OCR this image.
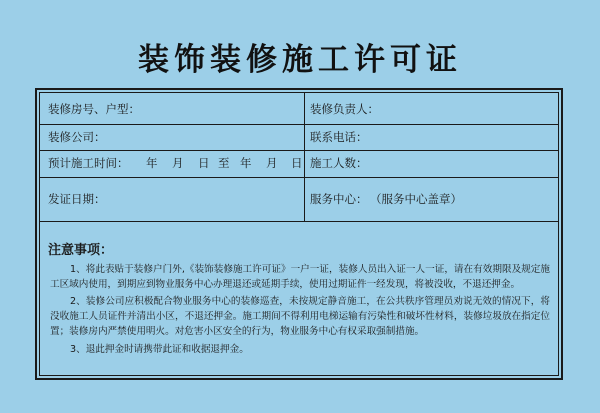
装饰装修施工许可证
装修房号、户型：	装修负责人：
装修公司：	联系电话：
预计施工时间： 年 月 日 至 年 月 日 施工人数：
发证日期：	服务中心： （服务中心盖章）
注意事项：
1、将此表贴于装修户门外,《装饰装修施工许可证》一户一证，装修人员出入证一人一证，请在有效期限及规定施工区域内使用，到期应到物业服务中心办理退还或延期手续，使用过期证件一经发现，将被没收，不退还押金。
2、装修公司应积极配合物业服务中心的装修巡查，未按规定静音施工，在公共秩序管理员劝说无效的情况下，将没收施工人员证件并清出小区，不退还押金。施工期间不得利用电梯运输有污染性和破坏性材料，装修垃圾放在指定位置；装修房内严禁使用明火。对危害小区安全的行为，物业服务中心有权采取强制措施。
3、退此押金时请携带此证和收据退押金。
